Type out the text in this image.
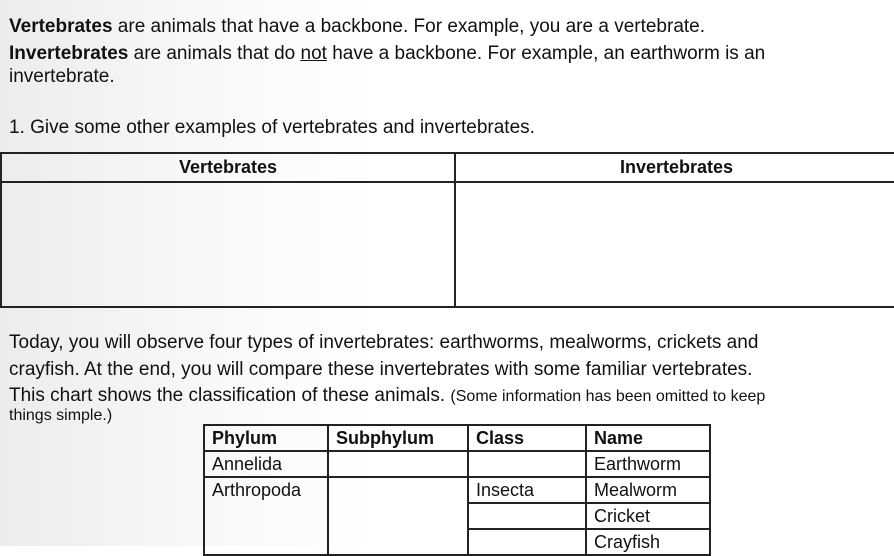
Vertebrates are animals that have a backbone. For example, you are a vertebrate.

Invertebrates are animals that do not have a backbone. For example, an earthworm is an

invertebrate.

1. Give some other examples of vertebrates and invertebrates.

Vertebrates	Invertebrates

Today, you will observe four types of invertebrates: earthworms, mealworms, crickets and

crayfish. At the end, you will compare these invertebrates with some familiar vertebrates.

This chart shows the classification of these animals. (Some information has been omitted to keep

things simple.)

Phylum	Subphylum	Class	Name
Annelida			Earthworm
Arthropoda		Insecta	Mealworm
			Cricket
			Crayfish
